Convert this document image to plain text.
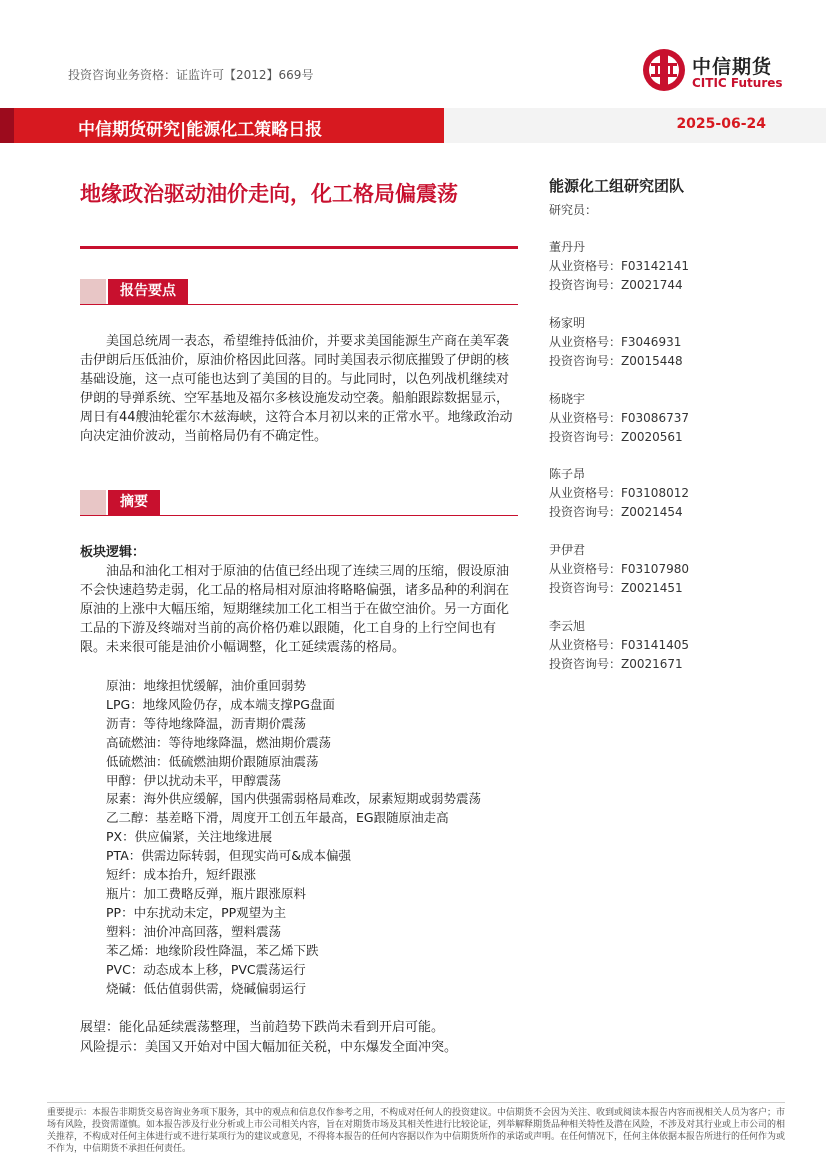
投资咨询业务资格：证监许可【2012】669号	中信期货
CITIC Futures
中信期货研究|能源化工策略日报	2025-06-24
地缘政治驱动油价走向，化工格局偏震荡
报告要点
美国总统周一表态，希望维持低油价，并要求美国能源生产商在美军袭击伊朗后压低油价，原油价格因此回落。同时美国表示彻底摧毁了伊朗的核基础设施，这一点可能也达到了美国的目的。与此同时，以色列战机继续对伊朗的导弹系统、空军基地及福尔多核设施发动空袭。船舶跟踪数据显示，周日有44艘油轮霍尔木兹海峡，这符合本月初以来的正常水平。地缘政治动向决定油价波动，当前格局仍有不确定性。
摘要
板块逻辑：
油品和油化工相对于原油的估值已经出现了连续三周的压缩，假设原油不会快速趋势走弱，化工品的格局相对原油将略略偏强，诸多品种的利润在原油的上涨中大幅压缩，短期继续加工化工相当于在做空油价。另一方面化工品的下游及终端对当前的高价格仍难以跟随，化工自身的上行空间也有限。未来很可能是油价小幅调整，化工延续震荡的格局。
原油：地缘担忧缓解，油价重回弱势
LPG：地缘风险仍存，成本端支撑PG盘面
沥青：等待地缘降温，沥青期价震荡
高硫燃油：等待地缘降温，燃油期价震荡
低硫燃油：低硫燃油期价跟随原油震荡
甲醇：伊以扰动未平，甲醇震荡
尿素：海外供应缓解，国内供强需弱格局难改，尿素短期或弱势震荡
乙二醇：基差略下滑，周度开工创五年最高，EG跟随原油走高
PX：供应偏紧，关注地缘进展
PTA：供需边际转弱，但现实尚可&成本偏强
短纤：成本抬升，短纤跟涨
瓶片：加工费略反弹，瓶片跟涨原料
PP：中东扰动未定，PP观望为主
塑料：油价冲高回落，塑料震荡
苯乙烯：地缘阶段性降温，苯乙烯下跌
PVC：动态成本上移，PVC震荡运行
烧碱：低估值弱供需，烧碱偏弱运行
展望：能化品延续震荡整理，当前趋势下跌尚未看到开启可能。
风险提示：美国又开始对中国大幅加征关税，中东爆发全面冲突。
能源化工组研究团队
研究员：
董丹丹
从业资格号：F03142141
投资咨询号：Z0021744
杨家明
从业资格号：F3046931
投资咨询号：Z0015448
杨晓宇
从业资格号：F03086737
投资咨询号：Z0020561
陈子昂
从业资格号：F03108012
投资咨询号：Z0021454
尹伊君
从业资格号：F03107980
投资咨询号：Z0021451
李云旭
从业资格号：F03141405
投资咨询号：Z0021671
重要提示：本报告非期货交易咨询业务项下服务，其中的观点和信息仅作参考之用，不构成对任何人的投资建议。中信期货不会因为关注、收到或阅读本报告内容而视相关人员为客户；市场有风险，投资需谨慎。如本报告涉及行业分析或上市公司相关内容，旨在对期货市场及其相关性进行比较论证，列举解释期货品种相关特性及潜在风险，不涉及对其行业或上市公司的相关推荐，不构成对任何主体进行或不进行某项行为的建议或意见，不得将本报告的任何内容据以作为中信期货所作的承诺或声明。在任何情况下，任何主体依据本报告所进行的任何作为或不作为，中信期货不承担任何责任。
